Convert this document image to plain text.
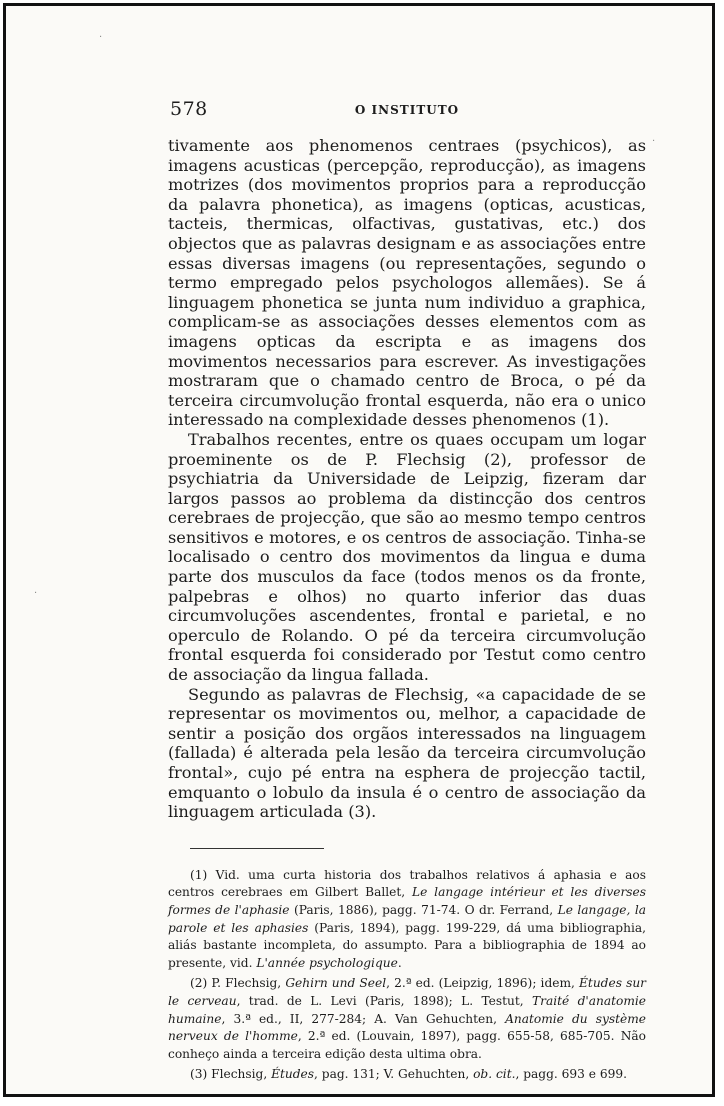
·
·
·
578	O INSTITUTO

tivamente aos phenomenos centraes (psychicos), as imagens acusticas (percepção, reproducção), as imagens motrizes (dos movimentos proprios para a reproducção da palavra phonetica), as imagens (opticas, acusticas, tacteis, thermicas, olfactivas, gustativas, etc.) dos objectos que as palavras designam e as associações entre essas diversas imagens (ou representações, segundo o termo empregado pelos psychologos allemães). Se á linguagem phonetica se junta num individuo a graphica, complicam-se as associações desses elementos com as imagens opticas da escripta e as imagens dos movimentos necessarios para escrever. As investigações mostraram que o chamado centro de Broca, o pé da terceira circumvolução frontal esquerda, não era o unico interessado na complexidade desses phenomenos (1).

Trabalhos recentes, entre os quaes occupam um logar proeminente os de P. Flechsig (2), professor de psychiatria da Universidade de Leipzig, fizeram dar largos passos ao problema da distincção dos centros cerebraes de projecção, que são ao mesmo tempo centros sensitivos e motores, e os centros de associação. Tinha-se localisado o centro dos movimentos da lingua e duma parte dos musculos da face (todos menos os da fronte, palpebras e olhos) no quarto inferior das duas circumvoluções ascendentes, frontal e parietal, e no operculo de Rolando. O pé da terceira circumvolução frontal esquerda foi considerado por Testut como centro de associação da lingua fallada.

Segundo as palavras de Flechsig, «a capacidade de se representar os movimentos ou, melhor, a capacidade de sentir a posição dos orgãos interessados na linguagem (fallada) é alterada pela lesão da terceira circumvolução frontal», cujo pé entra na esphera de projecção tactil, emquanto o lobulo da insula é o centro de associação da linguagem articulada (3).

(1) Vid. uma curta historia dos trabalhos relativos á aphasia e aos centros cerebraes em Gilbert Ballet, Le langage intérieur et les diverses formes de l'aphasie (Paris, 1886), pagg. 71-74. O dr. Ferrand, Le langage, la parole et les aphasies (Paris, 1894), pagg. 199-229, dá uma bibliographia, aliás bastante incompleta, do assumpto. Para a bibliographia de 1894 ao presente, vid. L'année psychologique.

(2) P. Flechsig, Gehirn und Seel, 2.ª ed. (Leipzig, 1896); idem, Études sur le cerveau, trad. de L. Levi (Paris, 1898); L. Testut, Traité d'anatomie humaine, 3.ª ed., II, 277-284; A. Van Gehuchten, Anatomie du système nerveux de l'homme, 2.ª ed. (Louvain, 1897), pagg. 655-58, 685-705. Não conheço ainda a terceira edição desta ultima obra.

(3) Flechsig, Études, pag. 131; V. Gehuchten, ob. cit., pagg. 693 e 699.
